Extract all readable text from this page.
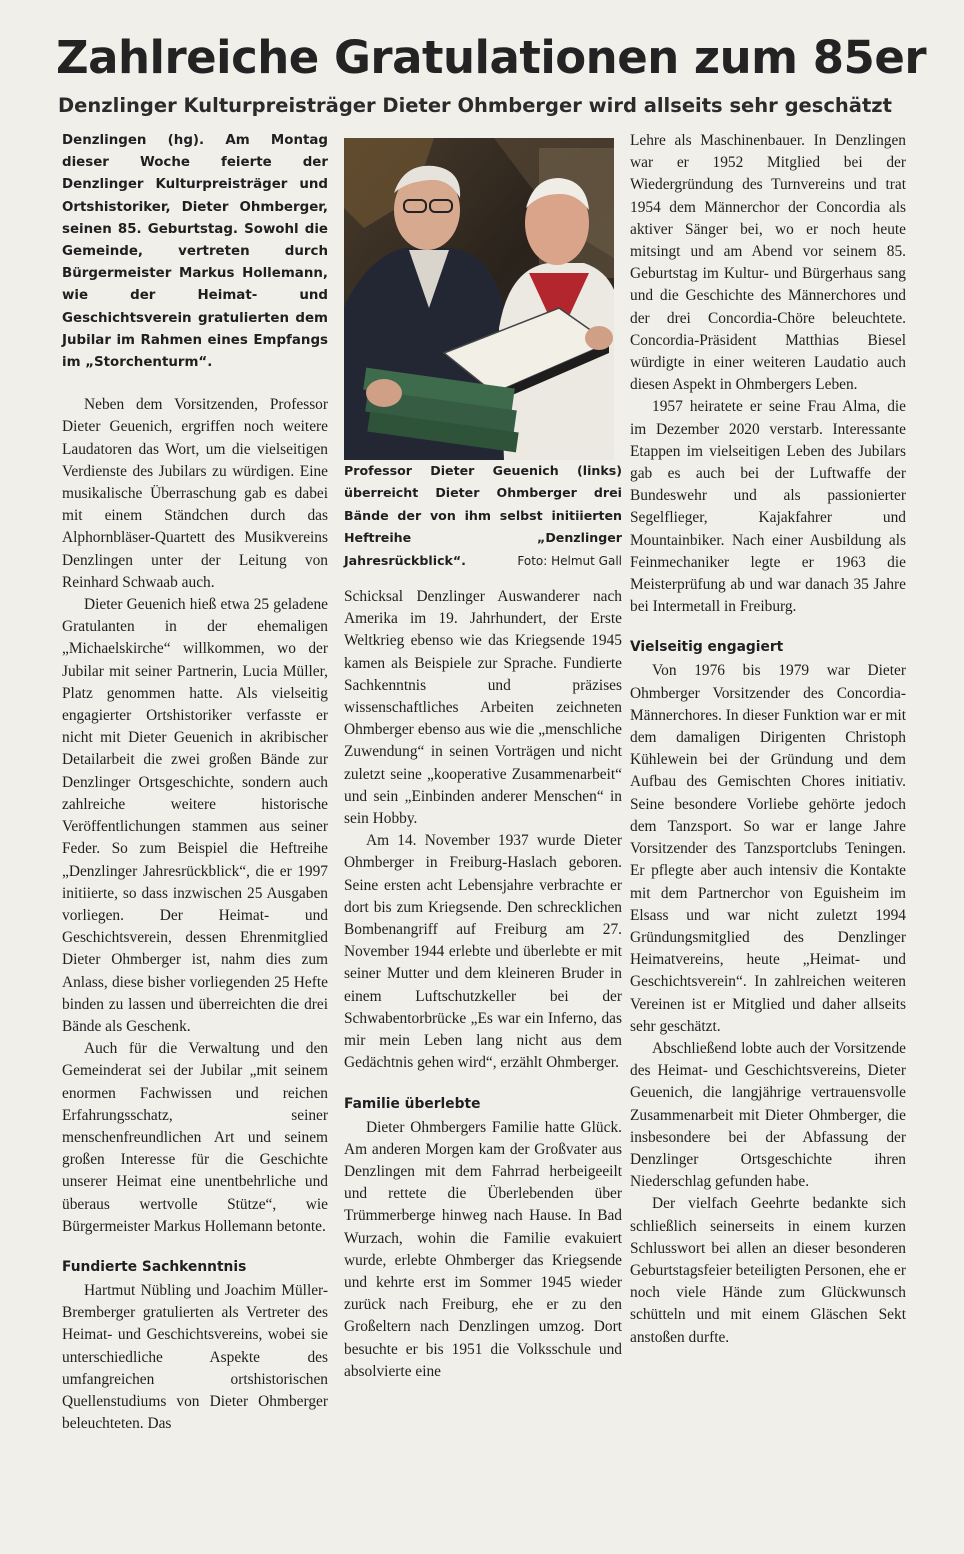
Zahlreiche Gratulationen zum 85er
Denzlinger Kulturpreisträger Dieter Ohmberger wird allseits sehr geschätzt

Denzlingen (hg). Am Montag dieser Woche feierte der Denzlinger Kulturpreisträger und Ortshistoriker, Dieter Ohmberger, seinen 85. Geburtstag. Sowohl die Gemeinde, vertreten durch Bürgermeister Markus Hollemann, wie der Heimat- und Geschichtsverein gratulierten dem Jubilar im Rahmen eines Empfangs im „Storchenturm“.

Neben dem Vorsitzenden, Professor Dieter Geuenich, ergriffen noch weitere Laudatoren das Wort, um die vielseitigen Verdienste des Jubilars zu würdigen. Eine musikalische Überraschung gab es dabei mit einem Ständchen durch das Alphornbläser-Quartett des Musikvereins Denzlingen unter der Leitung von Reinhard Schwaab auch.

Dieter Geuenich hieß etwa 25 geladene Gratulanten in der ehemaligen „Michaelskirche“ willkommen, wo der Jubilar mit seiner Partnerin, Lucia Müller, Platz genommen hatte. Als vielseitig engagierter Ortshistoriker verfasste er nicht mit Dieter Geuenich in akribischer Detailarbeit die zwei großen Bände zur Denzlinger Ortsgeschichte, sondern auch zahlreiche weitere historische Veröffentlichungen stammen aus seiner Feder. So zum Beispiel die Heftreihe „Denzlinger Jahresrückblick“, die er 1997 initiierte, so dass inzwischen 25 Ausgaben vorliegen. Der Heimat- und Geschichtsverein, dessen Ehrenmitglied Dieter Ohmberger ist, nahm dies zum Anlass, diese bisher vorliegenden 25 Hefte binden zu lassen und überreichten die drei Bände als Geschenk.

Auch für die Verwaltung und den Gemeinderat sei der Jubilar „mit seinem enormen Fachwissen und reichen Erfahrungsschatz, seiner menschenfreundlichen Art und seinem großen Interesse für die Geschichte unserer Heimat eine unentbehrliche und überaus wertvolle Stütze“, wie Bürgermeister Markus Hollemann betonte.

Fundierte Sachkenntnis

Hartmut Nübling und Joachim Müller-Bremberger gratulierten als Vertreter des Heimat- und Geschichtsvereins, wobei sie unterschiedliche Aspekte des umfangreichen ortshistorischen Quellenstudiums von Dieter Ohmberger beleuchteten. Das

Professor Dieter Geuenich (links) überreicht Dieter Ohmberger drei Bände der von ihm selbst initiierten Heftreihe „Denzlinger Jahresrückblick“.	Foto: Helmut Gall

Schicksal Denzlinger Auswanderer nach Amerika im 19. Jahrhundert, der Erste Weltkrieg ebenso wie das Kriegsende 1945 kamen als Beispiele zur Sprache. Fundierte Sachkenntnis und präzises wissenschaftliches Arbeiten zeichneten Ohmberger ebenso aus wie die „menschliche Zuwendung“ in seinen Vorträgen und nicht zuletzt seine „kooperative Zusammenarbeit“ und sein „Einbinden anderer Menschen“ in sein Hobby.

Am 14. November 1937 wurde Dieter Ohmberger in Freiburg-Haslach geboren. Seine ersten acht Lebensjahre verbrachte er dort bis zum Kriegsende. Den schrecklichen Bombenangriff auf Freiburg am 27. November 1944 erlebte und überlebte er mit seiner Mutter und dem kleineren Bruder in einem Luftschutzkeller bei der Schwabentorbrücke „Es war ein Inferno, das mir mein Leben lang nicht aus dem Gedächtnis gehen wird“, erzählt Ohmberger.

Familie überlebte

Dieter Ohmbergers Familie hatte Glück. Am anderen Morgen kam der Großvater aus Denzlingen mit dem Fahrrad herbeigeeilt und rettete die Überlebenden über Trümmerberge hinweg nach Hause. In Bad Wurzach, wohin die Familie evakuiert wurde, erlebte Ohmberger das Kriegsende und kehrte erst im Sommer 1945 wieder zurück nach Freiburg, ehe er zu den Großeltern nach Denzlingen umzog. Dort besuchte er bis 1951 die Volksschule und absolvierte eine

Lehre als Maschinenbauer. In Denzlingen war er 1952 Mitglied bei der Wiedergründung des Turnvereins und trat 1954 dem Männerchor der Concordia als aktiver Sänger bei, wo er noch heute mitsingt und am Abend vor seinem 85. Geburtstag im Kultur- und Bürgerhaus sang und die Geschichte des Männerchores und der drei Concordia-Chöre beleuchtete. Concordia-Präsident Matthias Biesel würdigte in einer weiteren Laudatio auch diesen Aspekt in Ohmbergers Leben.

1957 heiratete er seine Frau Alma, die im Dezember 2020 verstarb. Interessante Etappen im vielseitigen Leben des Jubilars gab es auch bei der Luftwaffe der Bundeswehr und als passionierter Segelflieger, Kajakfahrer und Mountainbiker. Nach einer Ausbildung als Feinmechaniker legte er 1963 die Meisterprüfung ab und war danach 35 Jahre bei Intermetall in Freiburg.

Vielseitig engagiert

Von 1976 bis 1979 war Dieter Ohmberger Vorsitzender des Concordia-Männerchores. In dieser Funktion war er mit dem damaligen Dirigenten Christoph Kühlewein bei der Gründung und dem Aufbau des Gemischten Chores initiativ. Seine besondere Vorliebe gehörte jedoch dem Tanzsport. So war er lange Jahre Vorsitzender des Tanzsportclubs Teningen. Er pflegte aber auch intensiv die Kontakte mit dem Partnerchor von Eguisheim im Elsass und war nicht zuletzt 1994 Gründungsmitglied des Denzlinger Heimatvereins, heute „Heimat- und Geschichtsverein“. In zahlreichen weiteren Vereinen ist er Mitglied und daher allseits sehr geschätzt.

Abschließend lobte auch der Vorsitzende des Heimat- und Geschichtsvereins, Dieter Geuenich, die langjährige vertrauensvolle Zusammenarbeit mit Dieter Ohmberger, die insbesondere bei der Abfassung der Denzlinger Ortsgeschichte ihren Niederschlag gefunden habe.

Der vielfach Geehrte bedankte sich schließlich seinerseits in einem kurzen Schlusswort bei allen an dieser besonderen Geburtstagsfeier beteiligten Personen, ehe er noch viele Hände zum Glückwunsch schütteln und mit einem Gläschen Sekt anstoßen durfte.
